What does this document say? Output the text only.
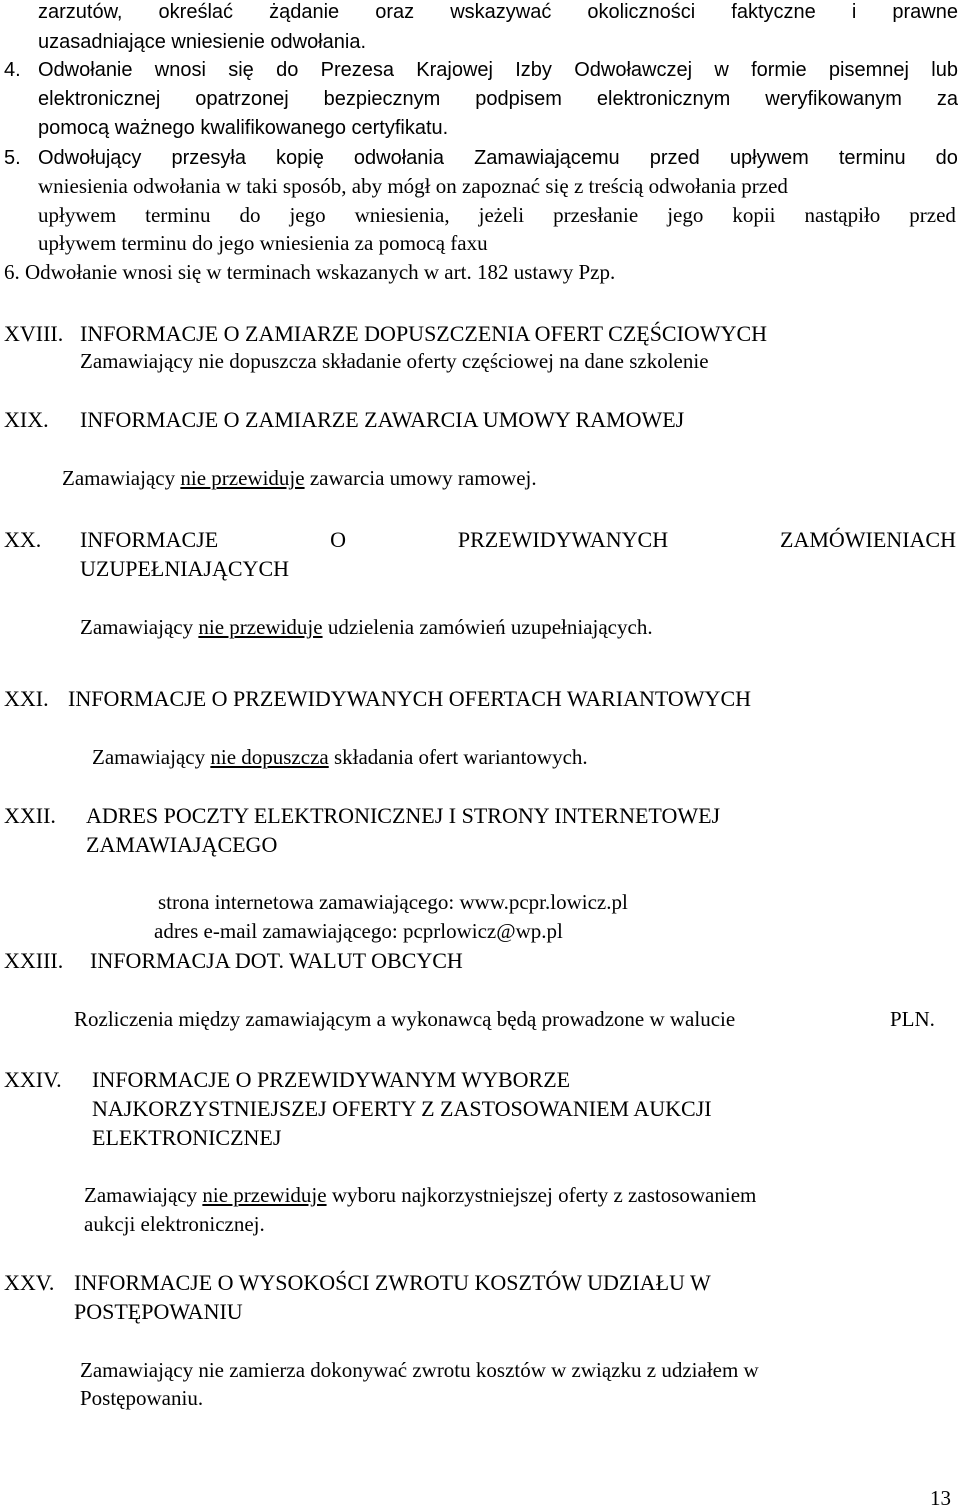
zarzutów, określać żądanie oraz wskazywać okoliczności faktyczne i prawne
uzasadniające wniesienie odwołania.
4. Odwołanie wnosi się do Prezesa Krajowej Izby Odwoławczej w formie pisemnej lub
elektronicznej opatrzonej bezpiecznym podpisem elektronicznym weryfikowanym za
pomocą ważnego kwalifikowanego certyfikatu.
5. Odwołujący przesyła kopię odwołania Zamawiającemu przed upływem terminu do
wniesienia odwołania w taki sposób, aby mógł on zapoznać się z treścią odwołania przed
upływem terminu do jego wniesienia, jeżeli przesłanie jego kopii nastąpiło przed
upływem terminu do jego wniesienia za pomocą faxu
6. Odwołanie wnosi się w terminach wskazanych w art. 182 ustawy Pzp.
XVIII. INFORMACJE O ZAMIARZE DOPUSZCZENIA OFERT CZĘŚCIOWYCH
Zamawiający nie dopuszcza składanie oferty częściowej na dane szkolenie
XIX. INFORMACJE O ZAMIARZE ZAWARCIA UMOWY RAMOWEJ
Zamawiający nie przewiduje zawarcia umowy ramowej.
XX. INFORMACJE	O	PRZEWIDYWANYCH	ZAMÓWIENIACH
UZUPEŁNIAJĄCYCH
Zamawiający nie przewiduje udzielenia zamówień uzupełniających.
XXI. INFORMACJE O PRZEWIDYWANYCH OFERTACH WARIANTOWYCH
Zamawiający nie dopuszcza składania ofert wariantowych.
XXII. ADRES POCZTY ELEKTRONICZNEJ I STRONY INTERNETOWEJ
ZAMAWIAJĄCEGO
strona internetowa zamawiającego: www.pcpr.lowicz.pl
adres e-mail zamawiającego: pcprlowicz@wp.pl
XXIII. INFORMACJA DOT. WALUT OBCYCH
Rozliczenia między zamawiającym a wykonawcą będą prowadzone w walucie	PLN.
XXIV. INFORMACJE O PRZEWIDYWANYM WYBORZE
NAJKORZYSTNIEJSZEJ OFERTY Z ZASTOSOWANIEM AUKCJI
ELEKTRONICZNEJ
Zamawiający nie przewiduje wyboru najkorzystniejszej oferty z zastosowaniem
aukcji elektronicznej.
XXV. INFORMACJE O WYSOKOŚCI ZWROTU KOSZTÓW UDZIAŁU W
POSTĘPOWANIU
Zamawiający nie zamierza dokonywać zwrotu kosztów w związku z udziałem w
Postępowaniu.
13
